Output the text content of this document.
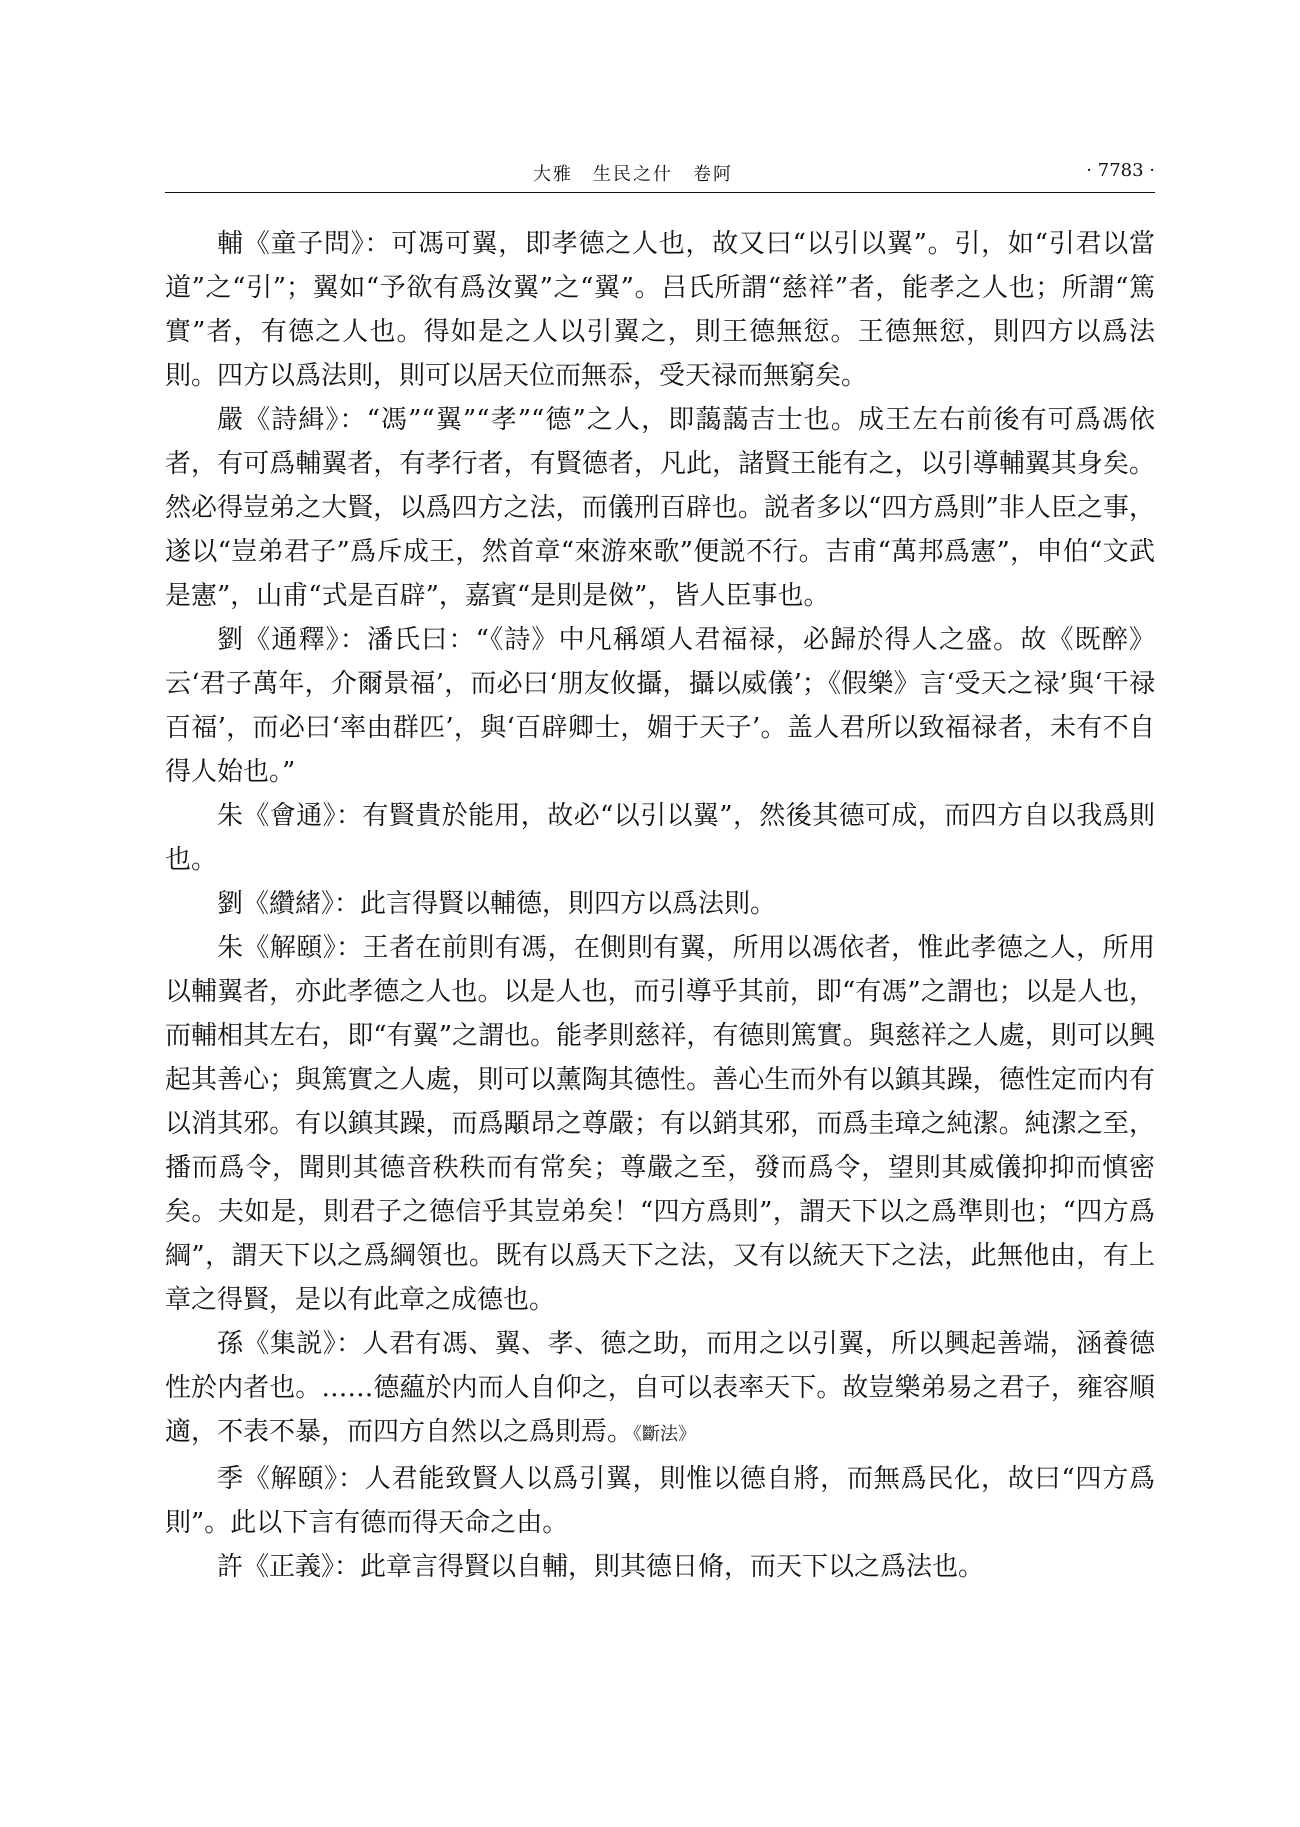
大雅　生民之什　卷阿	· 7783 ·

輔《童子問》：可馮可翼，即孝德之人也，故又曰“以引以翼”。引，如“引君以當道”之“引”；翼如“予欲有爲汝翼”之“翼”。吕氏所謂“慈祥”者，能孝之人也；所謂“篤實”者，有德之人也。得如是之人以引翼之，則王德無愆。王德無愆，則四方以爲法則。四方以爲法則，則可以居天位而無忝，受天禄而無窮矣。

嚴《詩緝》：“馮”“翼”“孝”“德”之人，即藹藹吉士也。成王左右前後有可爲馮依者，有可爲輔翼者，有孝行者，有賢德者，凡此，諸賢王能有之，以引導輔翼其身矣。然必得豈弟之大賢，以爲四方之法，而儀刑百辟也。説者多以“四方爲則”非人臣之事，遂以“豈弟君子”爲斥成王，然首章“來游來歌”便説不行。吉甫“萬邦爲憲”，申伯“文武是憲”，山甫“式是百辟”，嘉賓“是則是傚”，皆人臣事也。

劉《通釋》：潘氏曰：“《詩》中凡稱頌人君福禄，必歸於得人之盛。故《既醉》云‘君子萬年，介爾景福’，而必曰‘朋友攸攝，攝以威儀’；《假樂》言‘受天之禄’與‘干禄百福’，而必曰‘率由群匹’，與‘百辟卿士，媚于天子’。盖人君所以致福禄者，未有不自得人始也。”

朱《會通》：有賢貴於能用，故必“以引以翼”，然後其德可成，而四方自以我爲則也。

劉《纘緒》：此言得賢以輔德，則四方以爲法則。

朱《解頤》：王者在前則有馮，在側則有翼，所用以馮依者，惟此孝德之人，所用以輔翼者，亦此孝德之人也。以是人也，而引導乎其前，即“有馮”之謂也；以是人也，而輔相其左右，即“有翼”之謂也。能孝則慈祥，有德則篤實。與慈祥之人處，則可以興起其善心；與篤實之人處，則可以薰陶其德性。善心生而外有以鎮其躁，德性定而内有以消其邪。有以鎮其躁，而爲顒昂之尊嚴；有以銷其邪，而爲圭璋之純潔。純潔之至，播而爲令，聞則其德音秩秩而有常矣；尊嚴之至，發而爲令，望則其威儀抑抑而慎密矣。夫如是，則君子之德信乎其豈弟矣！“四方爲則”，謂天下以之爲準則也；“四方爲綱”，謂天下以之爲綱領也。既有以爲天下之法，又有以統天下之法，此無他由，有上章之得賢，是以有此章之成德也。

孫《集説》：人君有馮、翼、孝、德之助，而用之以引翼，所以興起善端，涵養德性於内者也。……德藴於内而人自仰之，自可以表率天下。故豈樂弟易之君子，雍容順適，不表不暴，而四方自然以之爲則焉。《斷法》

季《解頤》：人君能致賢人以爲引翼，則惟以德自將，而無爲民化，故曰“四方爲則”。此以下言有德而得天命之由。

許《正義》：此章言得賢以自輔，則其德日脩，而天下以之爲法也。
